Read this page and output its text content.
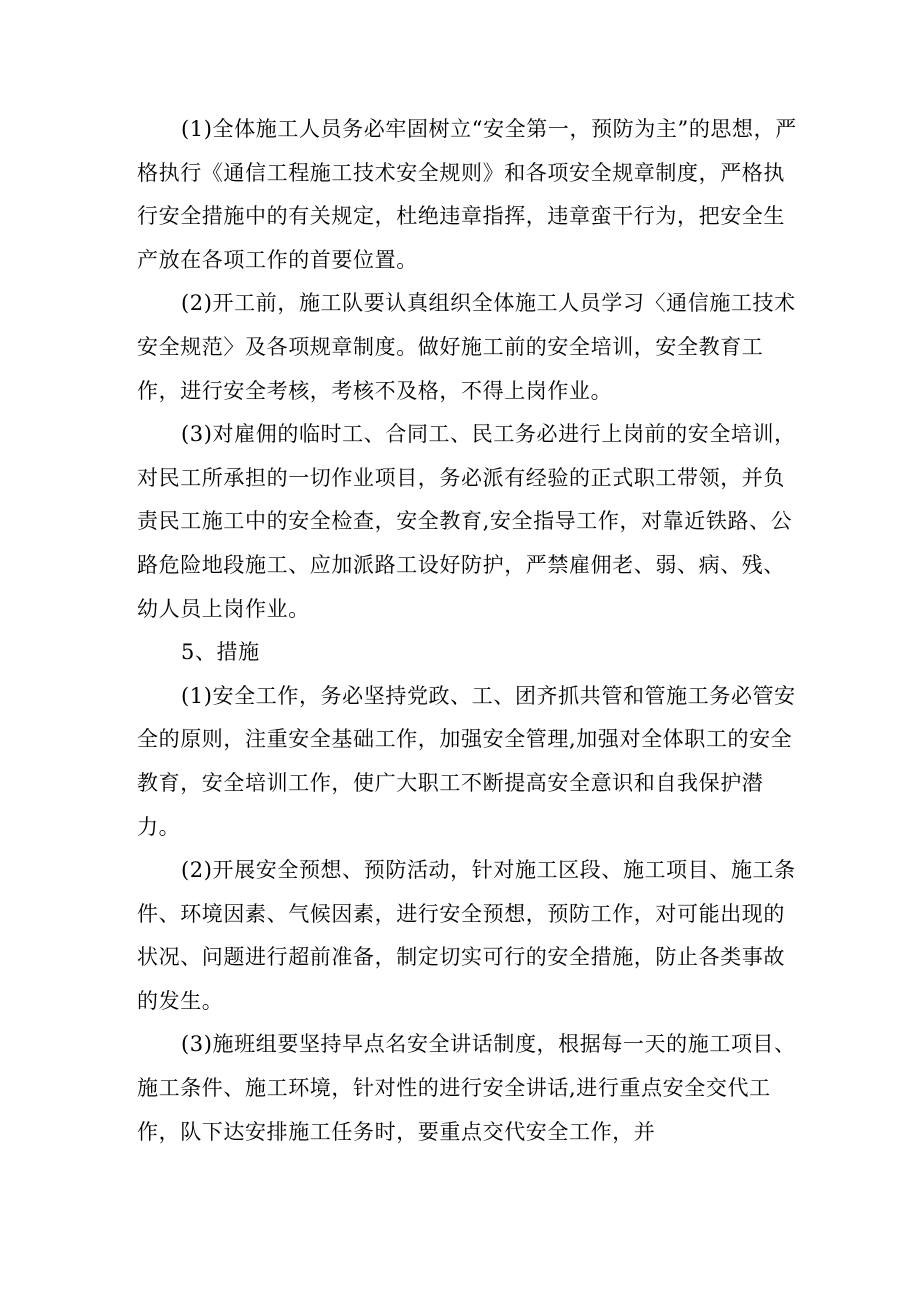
(1)全体施工人员务必牢固树立“安全第一，预防为主”的思想，严格执行《通信工程施工技术安全规则》和各项安全规章制度，严格执行安全措施中的有关规定，杜绝违章指挥，违章蛮干行为，把安全生产放在各项工作的首要位置。

(2)开工前，施工队要认真组织全体施工人员学习〈通信施工技术安全规范〉及各项规章制度。做好施工前的安全培训，安全教育工作，进行安全考核，考核不及格，不得上岗作业。

(3)对雇佣的临时工、合同工、民工务必进行上岗前的安全培训，对民工所承担的一切作业项目，务必派有经验的正式职工带领，并负责民工施工中的安全检查，安全教育,安全指导工作，对靠近铁路、公路危险地段施工、应加派路工设好防护，严禁雇佣老、弱、病、残、幼人员上岗作业。

5、措施

(1)安全工作，务必坚持党政、工、团齐抓共管和管施工务必管安全的原则，注重安全基础工作，加强安全管理,加强对全体职工的安全教育，安全培训工作，使广大职工不断提高安全意识和自我保护潜力。

(2)开展安全预想、预防活动，针对施工区段、施工项目、施工条件、环境因素、气候因素，进行安全预想，预防工作，对可能出现的状况、问题进行超前准备，制定切实可行的安全措施，防止各类事故的发生。

(3)施班组要坚持早点名安全讲话制度，根据每一天的施工项目、施工条件、施工环境，针对性的进行安全讲话,进行重点安全交代工作，队下达安排施工任务时，要重点交代安全工作，并
